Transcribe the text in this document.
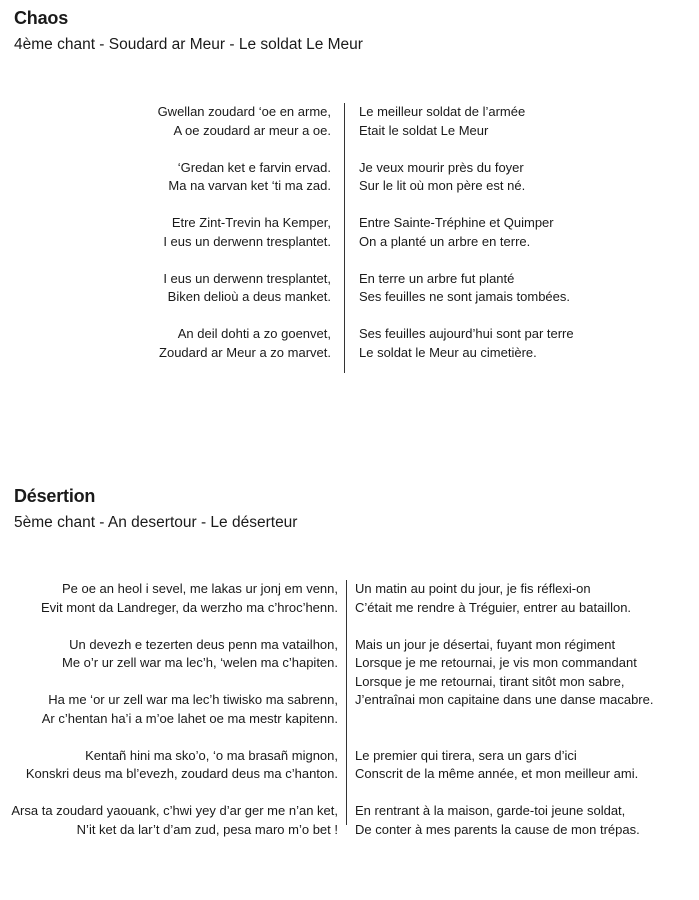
Chaos
4ème chant - Soudard ar Meur - Le soldat Le Meur
Gwellan zoudard ‘oe en arme,
A oe zoudard ar meur a oe.
‘Gredan ket e farvin ervad.
Ma na varvan ket ‘ti ma zad.
Etre Zint-Trevin ha Kemper,
I eus un derwenn tresplantet.
I eus un derwenn tresplantet,
Biken delioù a deus manket.
An deil dohti a zo goenvet,
Zoudard ar Meur a zo marvet.
Le meilleur soldat de l’armée
Etait le soldat Le Meur
Je veux mourir près du foyer
Sur le lit où mon père est né.
Entre Sainte-Tréphine et Quimper
On a planté un arbre en terre.
En terre un arbre fut planté
Ses feuilles ne sont jamais tombées.
Ses feuilles aujourd’hui sont par terre
Le soldat le Meur au cimetière.
Désertion
5ème chant - An desertour - Le déserteur
Pe oe an heol i sevel, me lakas ur jonj em venn,
Evit mont da Landreger, da werzho ma c’hroc’henn.
Un devezh e tezerten deus penn ma vatailhon,
Me o’r ur zell war ma lec’h, ‘welen ma c’hapiten.
Ha me ‘or ur zell war ma lec’h tiwisko ma sabrenn,
Ar c’hentan ha’i a m’oe lahet oe ma mestr kapitenn.
Kentañ hini ma sko’o, ‘o ma brasañ mignon,
Konskri deus ma bl’evezh, zoudard deus ma c’hanton.
Arsa ta zoudard yaouank, c’hwi yey d’ar ger me n’an ket,
N’it ket da lar’t d’am zud, pesa maro m’o bet !
Un matin au point du jour, je fis réflexi-on
C’était me rendre à Tréguier, entrer au bataillon.
Mais un jour je désertai, fuyant mon régiment
Lorsque je me retournai, je vis mon commandant
Lorsque je me retournai, tirant sitôt mon sabre,
J’entraînai mon capitaine dans une danse macabre.
Le premier qui tirera, sera un gars d’ici
Conscrit de la même année, et mon meilleur ami.
En rentrant à la maison, garde-toi jeune soldat,
De conter à mes parents la cause de mon trépas.
